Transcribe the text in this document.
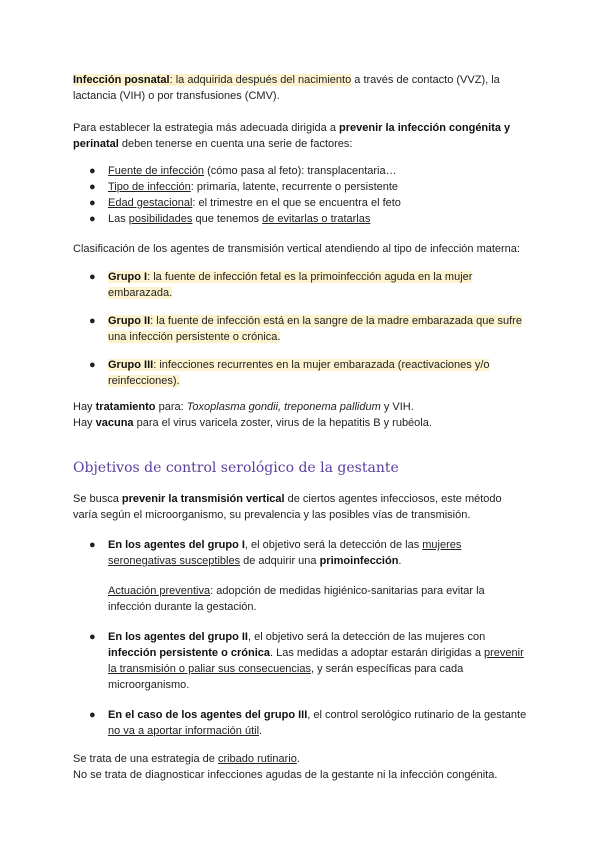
Infección posnatal: la adquirida después del nacimiento a través de contacto (VVZ), la lactancia (VIH) o por transfusiones (CMV).

Para establecer la estrategia más adecuada dirigida a prevenir la infección congénita y perinatal deben tenerse en cuenta una serie de factores:

● Fuente de infección (cómo pasa al feto): transplacentaria…
● Tipo de infección: primaria, latente, recurrente o persistente
● Edad gestacional: el trimestre en el que se encuentra el feto
● Las posibilidades que tenemos de evitarlas o tratarlas

Clasificación de los agentes de transmisión vertical atendiendo al tipo de infección materna:

● Grupo I: la fuente de infección fetal es la primoinfección aguda en la mujer embarazada.
● Grupo II: la fuente de infección está en la sangre de la madre embarazada que sufre una infección persistente o crónica.
● Grupo III: infecciones recurrentes en la mujer embarazada (reactivaciones y/o reinfecciones).

Hay tratamiento para: Toxoplasma gondii, treponema pallidum y VIH.

Hay vacuna para el virus varicela zoster, virus de la hepatitis B y rubéola.

Objetivos de control serológico de la gestante

Se busca prevenir la transmisión vertical de ciertos agentes infecciosos, este método varía según el microorganismo, su prevalencia y las posibles vías de transmisión.

● En los agentes del grupo I, el objetivo será la detección de las mujeres seronegativas susceptibles de adquirir una primoinfección.

Actuación preventiva: adopción de medidas higiénico-sanitarias para evitar la infección durante la gestación.

● En los agentes del grupo II, el objetivo será la detección de las mujeres con infección persistente o crónica. Las medidas a adoptar estarán dirigidas a prevenir la transmisión o paliar sus consecuencias, y serán específicas para cada microorganismo.
● En el caso de los agentes del grupo III, el control serológico rutinario de la gestante no va a aportar información útil.

Se trata de una estrategia de cribado rutinario.

No se trata de diagnosticar infecciones agudas de la gestante ni la infección congénita.
